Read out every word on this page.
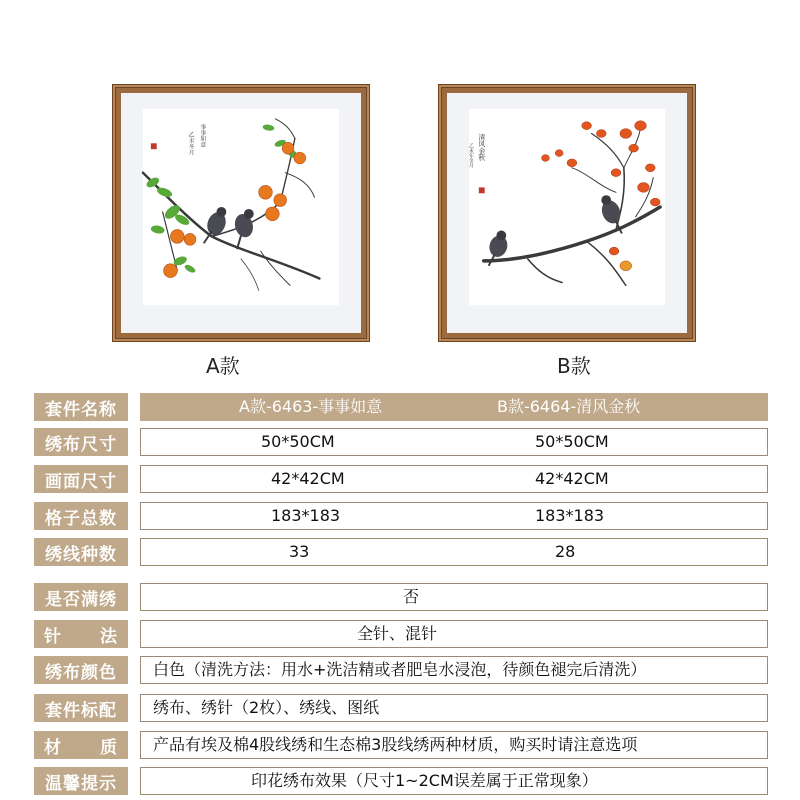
事事如意
乙未冬月
A款
清风金秋
乙未年冬月
B款
套件名称	A款-6463-事事如意	B款-6464-清风金秋
绣布尺寸	50*50CM	50*50CM
画面尺寸	42*42CM	42*42CM
格子总数	183*183	183*183
绣线种数	33	28
是否满绣	否
针 法	全针、混针
绣布颜色	白色（清洗方法：用水+洗洁精或者肥皂水浸泡，待颜色褪完后清洗）
套件标配	绣布、绣针（2枚）、绣线、图纸
材 质 产品有埃及棉4股线绣和生态棉3股线绣两种材质，购买时请注意选项
温馨提示	印花绣布效果（尺寸1~2CM误差属于正常现象）
